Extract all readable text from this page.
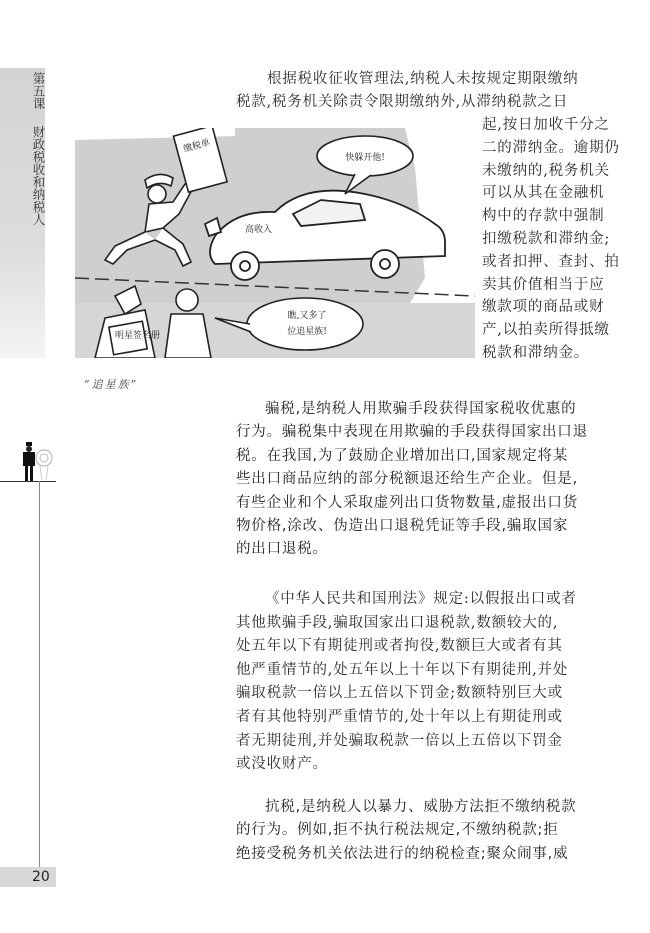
第五课财政税收和纳税人	缴税单
高收入
快躲开他!
明星签名册
瞧,又多了
位追星族!
“追星族”
根据税收征收管理法,纳税人未按规定期限缴纳
税款,税务机关除责令限期缴纳外,从滞纳税款之日
起,按日加收千分之
二的滞纳金。逾期仍
未缴纳的,税务机关
可以从其在金融机
构中的存款中强制
扣缴税款和滞纳金;
或者扣押、查封、拍
卖其价值相当于应
缴款项的商品或财
产,以拍卖所得抵缴
税款和滞纳金。
骗税,是纳税人用欺骗手段获得国家税收优惠的
行为。骗税集中表现在用欺骗的手段获得国家出口退
税。在我国,为了鼓励企业增加出口,国家规定将某
些出口商品应纳的部分税额退还给生产企业。但是,
有些企业和个人采取虚列出口货物数量,虚报出口货
物价格,涂改、伪造出口退税凭证等手段,骗取国家
的出口退税。
《中华人民共和国刑法》规定:以假报出口或者
其他欺骗手段,骗取国家出口退税款,数额较大的,
处五年以下有期徒刑或者拘役,数额巨大或者有其
他严重情节的,处五年以上十年以下有期徒刑,并处
骗取税款一倍以上五倍以下罚金;数额特别巨大或
者有其他特别严重情节的,处十年以上有期徒刑或
者无期徒刑,并处骗取税款一倍以上五倍以下罚金
或没收财产。
抗税,是纳税人以暴力、威胁方法拒不缴纳税款
的行为。例如,拒不执行税法规定,不缴纳税款;拒
绝接受税务机关依法进行的纳税检查;聚众闹事,威
20
